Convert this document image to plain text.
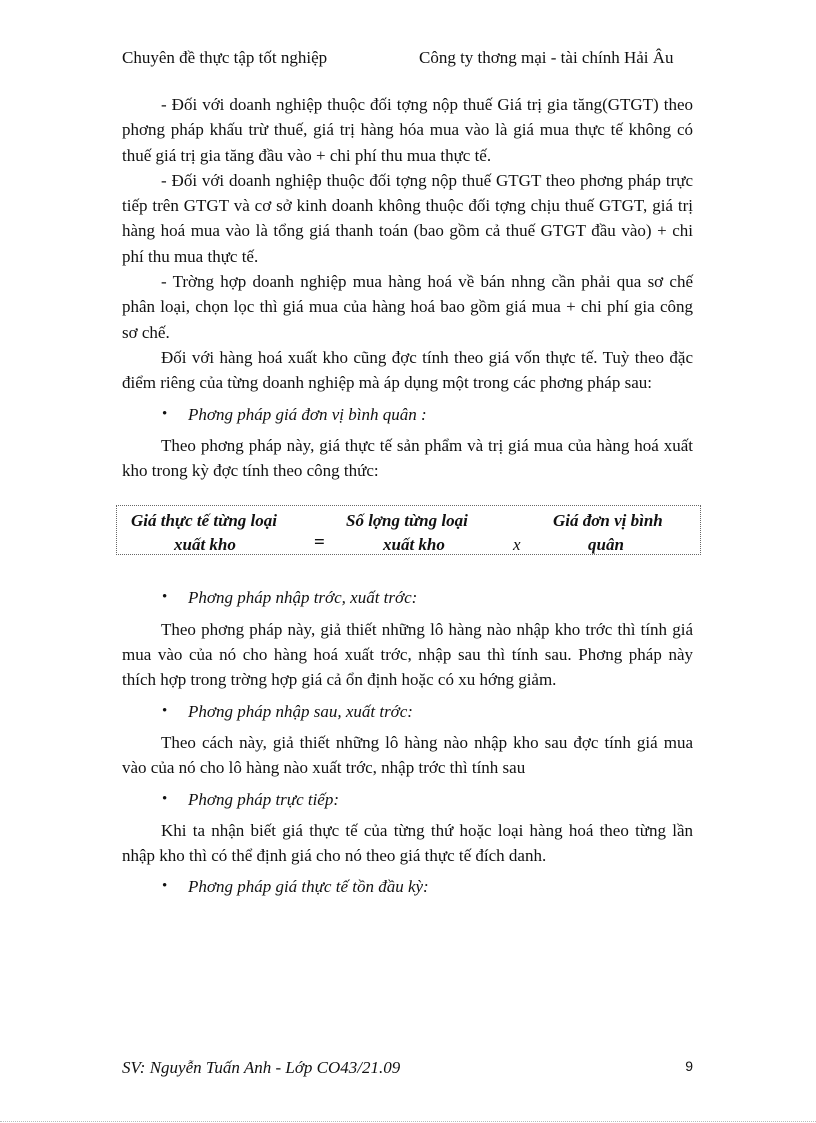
Chuyên đề thực tập tốt nghiệp	Công ty thơng mại - tài chính Hải Âu

- Đối với doanh nghiệp thuộc đối tợng nộp thuế Giá trị gia tăng(GTGT) theo phơng pháp khấu trừ thuế, giá trị hàng hóa mua vào là giá mua thực tế không có thuế giá trị gia tăng đầu vào + chi phí thu mua thực tế.

- Đối với doanh nghiệp thuộc đối tợng nộp thuế GTGT theo phơng pháp trực tiếp trên GTGT và cơ sở kinh doanh không thuộc đối tợng chịu thuế GTGT, giá trị hàng hoá mua vào là tổng giá thanh toán (bao gồm cả thuế GTGT đầu vào) + chi phí thu mua thực tế.

- Trờng hợp doanh nghiệp mua hàng hoá về bán nhng cần phải qua sơ chế phân loại, chọn lọc thì giá mua của hàng hoá bao gồm giá mua + chi phí gia công sơ chế.

Đối với hàng hoá xuất kho cũng đợc tính theo giá vốn thực tế. Tuỳ theo đặc điểm riêng của từng doanh nghiệp mà áp dụng một trong các phơng pháp sau:

• Phơng pháp giá đơn vị bình quân :

Theo phơng pháp này, giá thực tế sản phẩm và trị giá mua của hàng hoá xuất kho trong kỳ đợc tính theo công thức:

Giá thực tế từng loại
xuất kho	=
Số lợng từng loại
xuất kho	x
Giá đơn vị bình
quân

• Phơng pháp nhập trớc, xuất trớc:

Theo phơng pháp này, giả thiết những lô hàng nào nhập kho trớc thì tính giá mua vào của nó cho hàng hoá xuất trớc, nhập sau thì tính sau. Phơng pháp này thích hợp trong trờng hợp giá cả ổn định hoặc có xu hớng giảm.

• Phơng pháp nhập sau, xuất trớc:

Theo cách này, giả thiết những lô hàng nào nhập kho sau đợc tính giá mua vào của nó cho lô hàng nào xuất trớc, nhập trớc thì tính sau

• Phơng pháp trực tiếp:

Khi ta nhận biết giá thực tế của từng thứ hoặc loại hàng hoá theo từng lần nhập kho thì có thể định giá cho nó theo giá thực tế đích danh.

• Phơng pháp giá thực tế tồn đầu kỳ:

SV: Nguyễn Tuấn Anh - Lớp CO43/21.09	9
